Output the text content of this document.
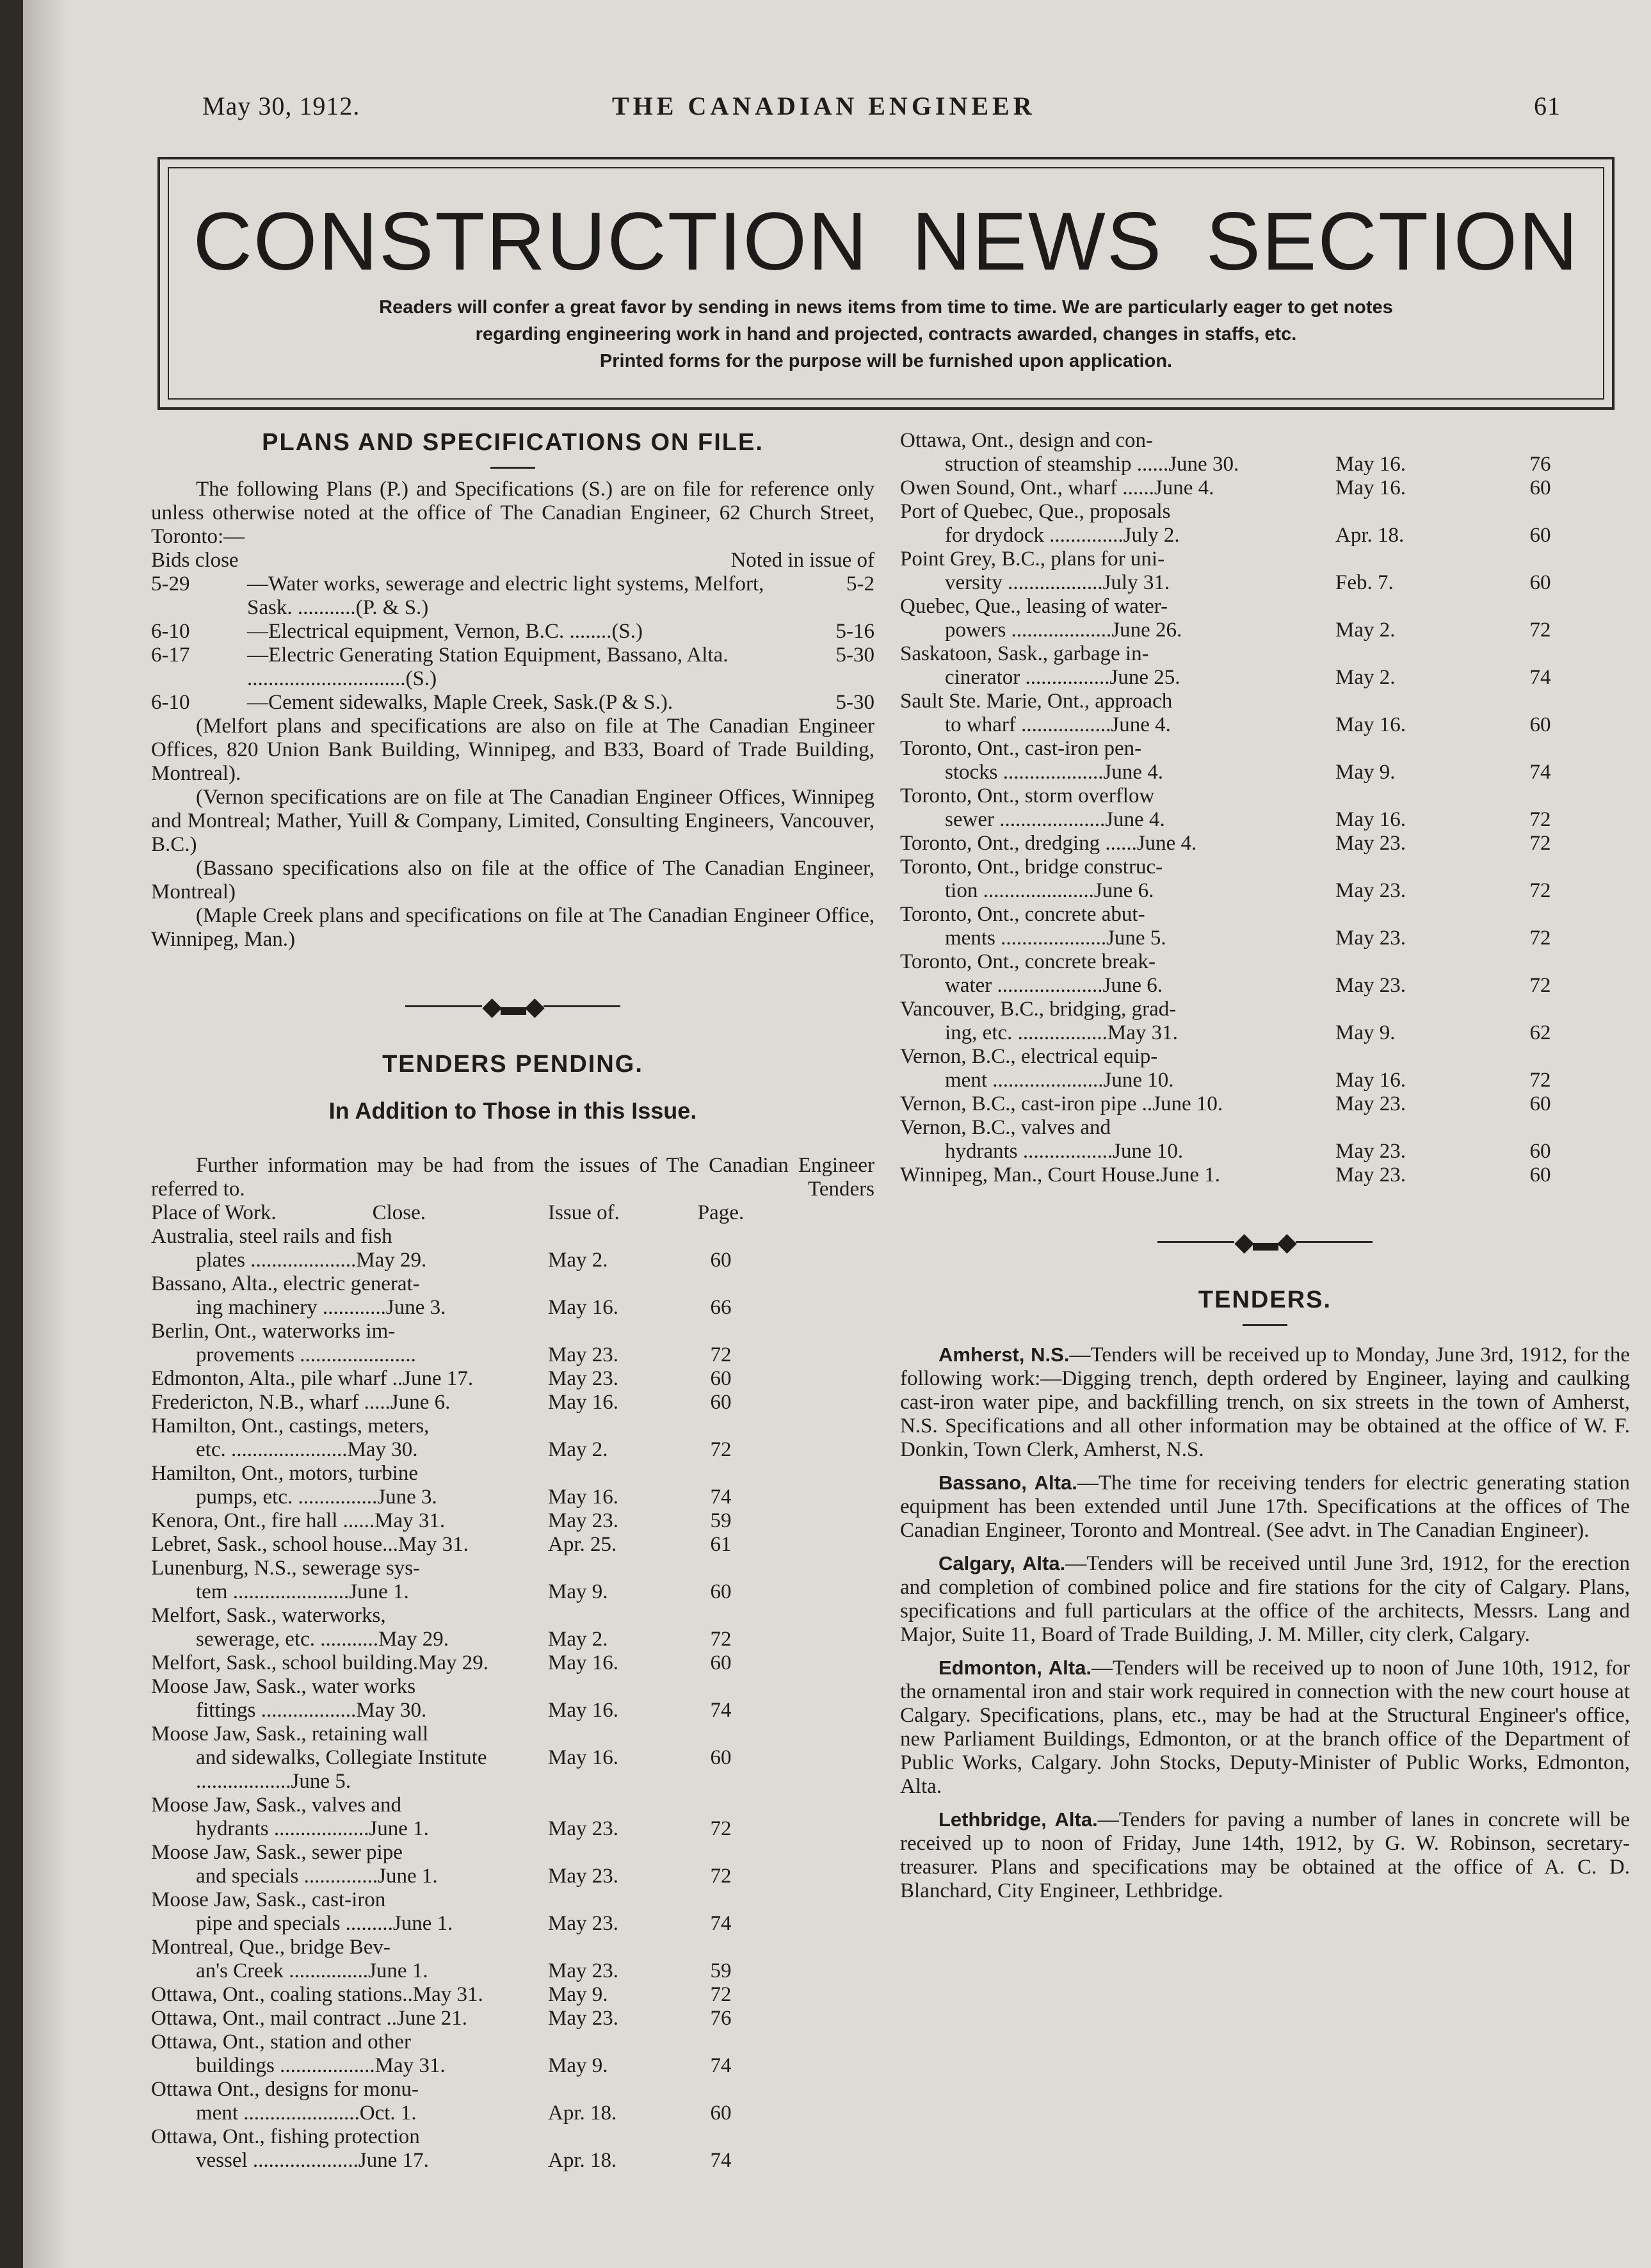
May 30, 1912.	THE CANADIAN ENGINEER	61
CONSTRUCTION NEWS SECTION
Readers will confer a great favor by sending in news items from time to time. We are particularly eager to get notes
regarding engineering work in hand and projected, contracts awarded, changes in staffs, etc.
Printed forms for the purpose will be furnished upon application.
PLANS AND SPECIFICATIONS ON FILE.
The following Plans (P.) and Specifications (S.) are on file for reference only unless otherwise noted at the office of The Canadian Engineer, 62 Church Street, Toronto:—
Bids close	Noted in issue of
5-29	—Water works, sewerage and electric light systems, Melfort, Sask. ...........(P. & S.)	5-2
6-10	—Electrical equipment, Vernon, B.C. ........(S.)	5-16
6-17	—Electric Generating Station Equipment, Bassano, Alta. ..............................(S.)	5-30
6-10	—Cement sidewalks, Maple Creek, Sask.(P & S.).	5-30
(Melfort plans and specifications are also on file at The Canadian Engineer Offices, 820 Union Bank Building, Winnipeg, and B33, Board of Trade Building, Montreal).
(Vernon specifications are on file at The Canadian Engineer Offices, Winnipeg and Montreal; Mather, Yuill & Company, Limited, Consulting Engineers, Vancouver, B.C.)
(Bassano specifications also on file at the office of The Canadian Engineer, Montreal)
(Maple Creek plans and specifications on file at The Canadian Engineer Office, Winnipeg, Man.)
◆▬◆
TENDERS PENDING.
In Addition to Those in this Issue.
Further information may be had from the issues of The Canadian Engineer referred to.	Tenders
Place of Work. Close.	Issue of.	Page.
Australia, steel rails and fish
plates ....................May 29.	May 2.	60
Bassano, Alta., electric generat-
ing machinery ............June 3.	May 16.	66
Berlin, Ont., waterworks im-
provements ......................	May 23.	72
Edmonton, Alta., pile wharf ..June 17.	May 23.	60
Fredericton, N.B., wharf .....June 6.	May 16.	60
Hamilton, Ont., castings, meters,
etc. ......................May 30.	May 2.	72
Hamilton, Ont., motors, turbine
pumps, etc. ...............June 3.	May 16.	74
Kenora, Ont., fire hall ......May 31.	May 23.	59
Lebret, Sask., school house...May 31.	Apr. 25.	61
Lunenburg, N.S., sewerage sys-
tem ......................June 1.	May 9.	60
Melfort, Sask., waterworks,
sewerage, etc. ...........May 29.	May 2.	72
Melfort, Sask., school building.May 29.	May 16.	60
Moose Jaw, Sask., water works
fittings ..................May 30.	May 16.	74
Moose Jaw, Sask., retaining wall
and sidewalks, Collegiate Institute ..................June 5.	May 16.	60
Moose Jaw, Sask., valves and
hydrants ..................June 1.	May 23.	72
Moose Jaw, Sask., sewer pipe
and specials ..............June 1.	May 23.	72
Moose Jaw, Sask., cast-iron
pipe and specials .........June 1.	May 23.	74
Montreal, Que., bridge Bev-
an's Creek ...............June 1.	May 23.	59
Ottawa, Ont., coaling stations..May 31.	May 9.	72
Ottawa, Ont., mail contract ..June 21.	May 23.	76
Ottawa, Ont., station and other
buildings ..................May 31.	May 9.	74
Ottawa Ont., designs for monu-
ment ......................Oct. 1.	Apr. 18.	60
Ottawa, Ont., fishing protection
vessel ....................June 17.	Apr. 18.	74
Ottawa, Ont., design and con-
struction of steamship ......June 30.	May 16.	76
Owen Sound, Ont., wharf ......June 4.	May 16.	60
Port of Quebec, Que., proposals
for drydock ..............July 2.	Apr. 18.	60
Point Grey, B.C., plans for uni-
versity ..................July 31.	Feb. 7.	60
Quebec, Que., leasing of water-
powers ...................June 26.	May 2.	72
Saskatoon, Sask., garbage in-
cinerator ................June 25.	May 2.	74
Sault Ste. Marie, Ont., approach
to wharf .................June 4.	May 16.	60
Toronto, Ont., cast-iron pen-
stocks ...................June 4.	May 9.	74
Toronto, Ont., storm overflow
sewer ....................June 4.	May 16.	72
Toronto, Ont., dredging ......June 4.	May 23.	72
Toronto, Ont., bridge construc-
tion .....................June 6.	May 23.	72
Toronto, Ont., concrete abut-
ments ....................June 5.	May 23.	72
Toronto, Ont., concrete break-
water ....................June 6.	May 23.	72
Vancouver, B.C., bridging, grad-
ing, etc. .................May 31.	May 9.	62
Vernon, B.C., electrical equip-
ment .....................June 10.	May 16.	72
Vernon, B.C., cast-iron pipe ..June 10.	May 23.	60
Vernon, B.C., valves and
hydrants .................June 10.	May 23.	60
Winnipeg, Man., Court House.June 1.	May 23.	60
◆▬◆
TENDERS.
Amherst, N.S.—Tenders will be received up to Monday, June 3rd, 1912, for the following work:—Digging trench, depth ordered by Engineer, laying and caulking cast-iron water pipe, and backfilling trench, on six streets in the town of Amherst, N.S. Specifications and all other information may be obtained at the office of W. F. Donkin, Town Clerk, Amherst, N.S.
Bassano, Alta.—The time for receiving tenders for electric generating station equipment has been extended until June 17th. Specifications at the offices of The Canadian Engineer, Toronto and Montreal. (See advt. in The Canadian Engineer).
Calgary, Alta.—Tenders will be received until June 3rd, 1912, for the erection and completion of combined police and fire stations for the city of Calgary. Plans, specifications and full particulars at the office of the architects, Messrs. Lang and Major, Suite 11, Board of Trade Building, J. M. Miller, city clerk, Calgary.
Edmonton, Alta.—Tenders will be received up to noon of June 10th, 1912, for the ornamental iron and stair work required in connection with the new court house at Calgary. Specifications, plans, etc., may be had at the Structural Engineer's office, new Parliament Buildings, Edmonton, or at the branch office of the Department of Public Works, Calgary. John Stocks, Deputy-Minister of Public Works, Edmonton, Alta.
Lethbridge, Alta.—Tenders for paving a number of lanes in concrete will be received up to noon of Friday, June 14th, 1912, by G. W. Robinson, secretary-treasurer. Plans and specifications may be obtained at the office of A. C. D. Blanchard, City Engineer, Lethbridge.
